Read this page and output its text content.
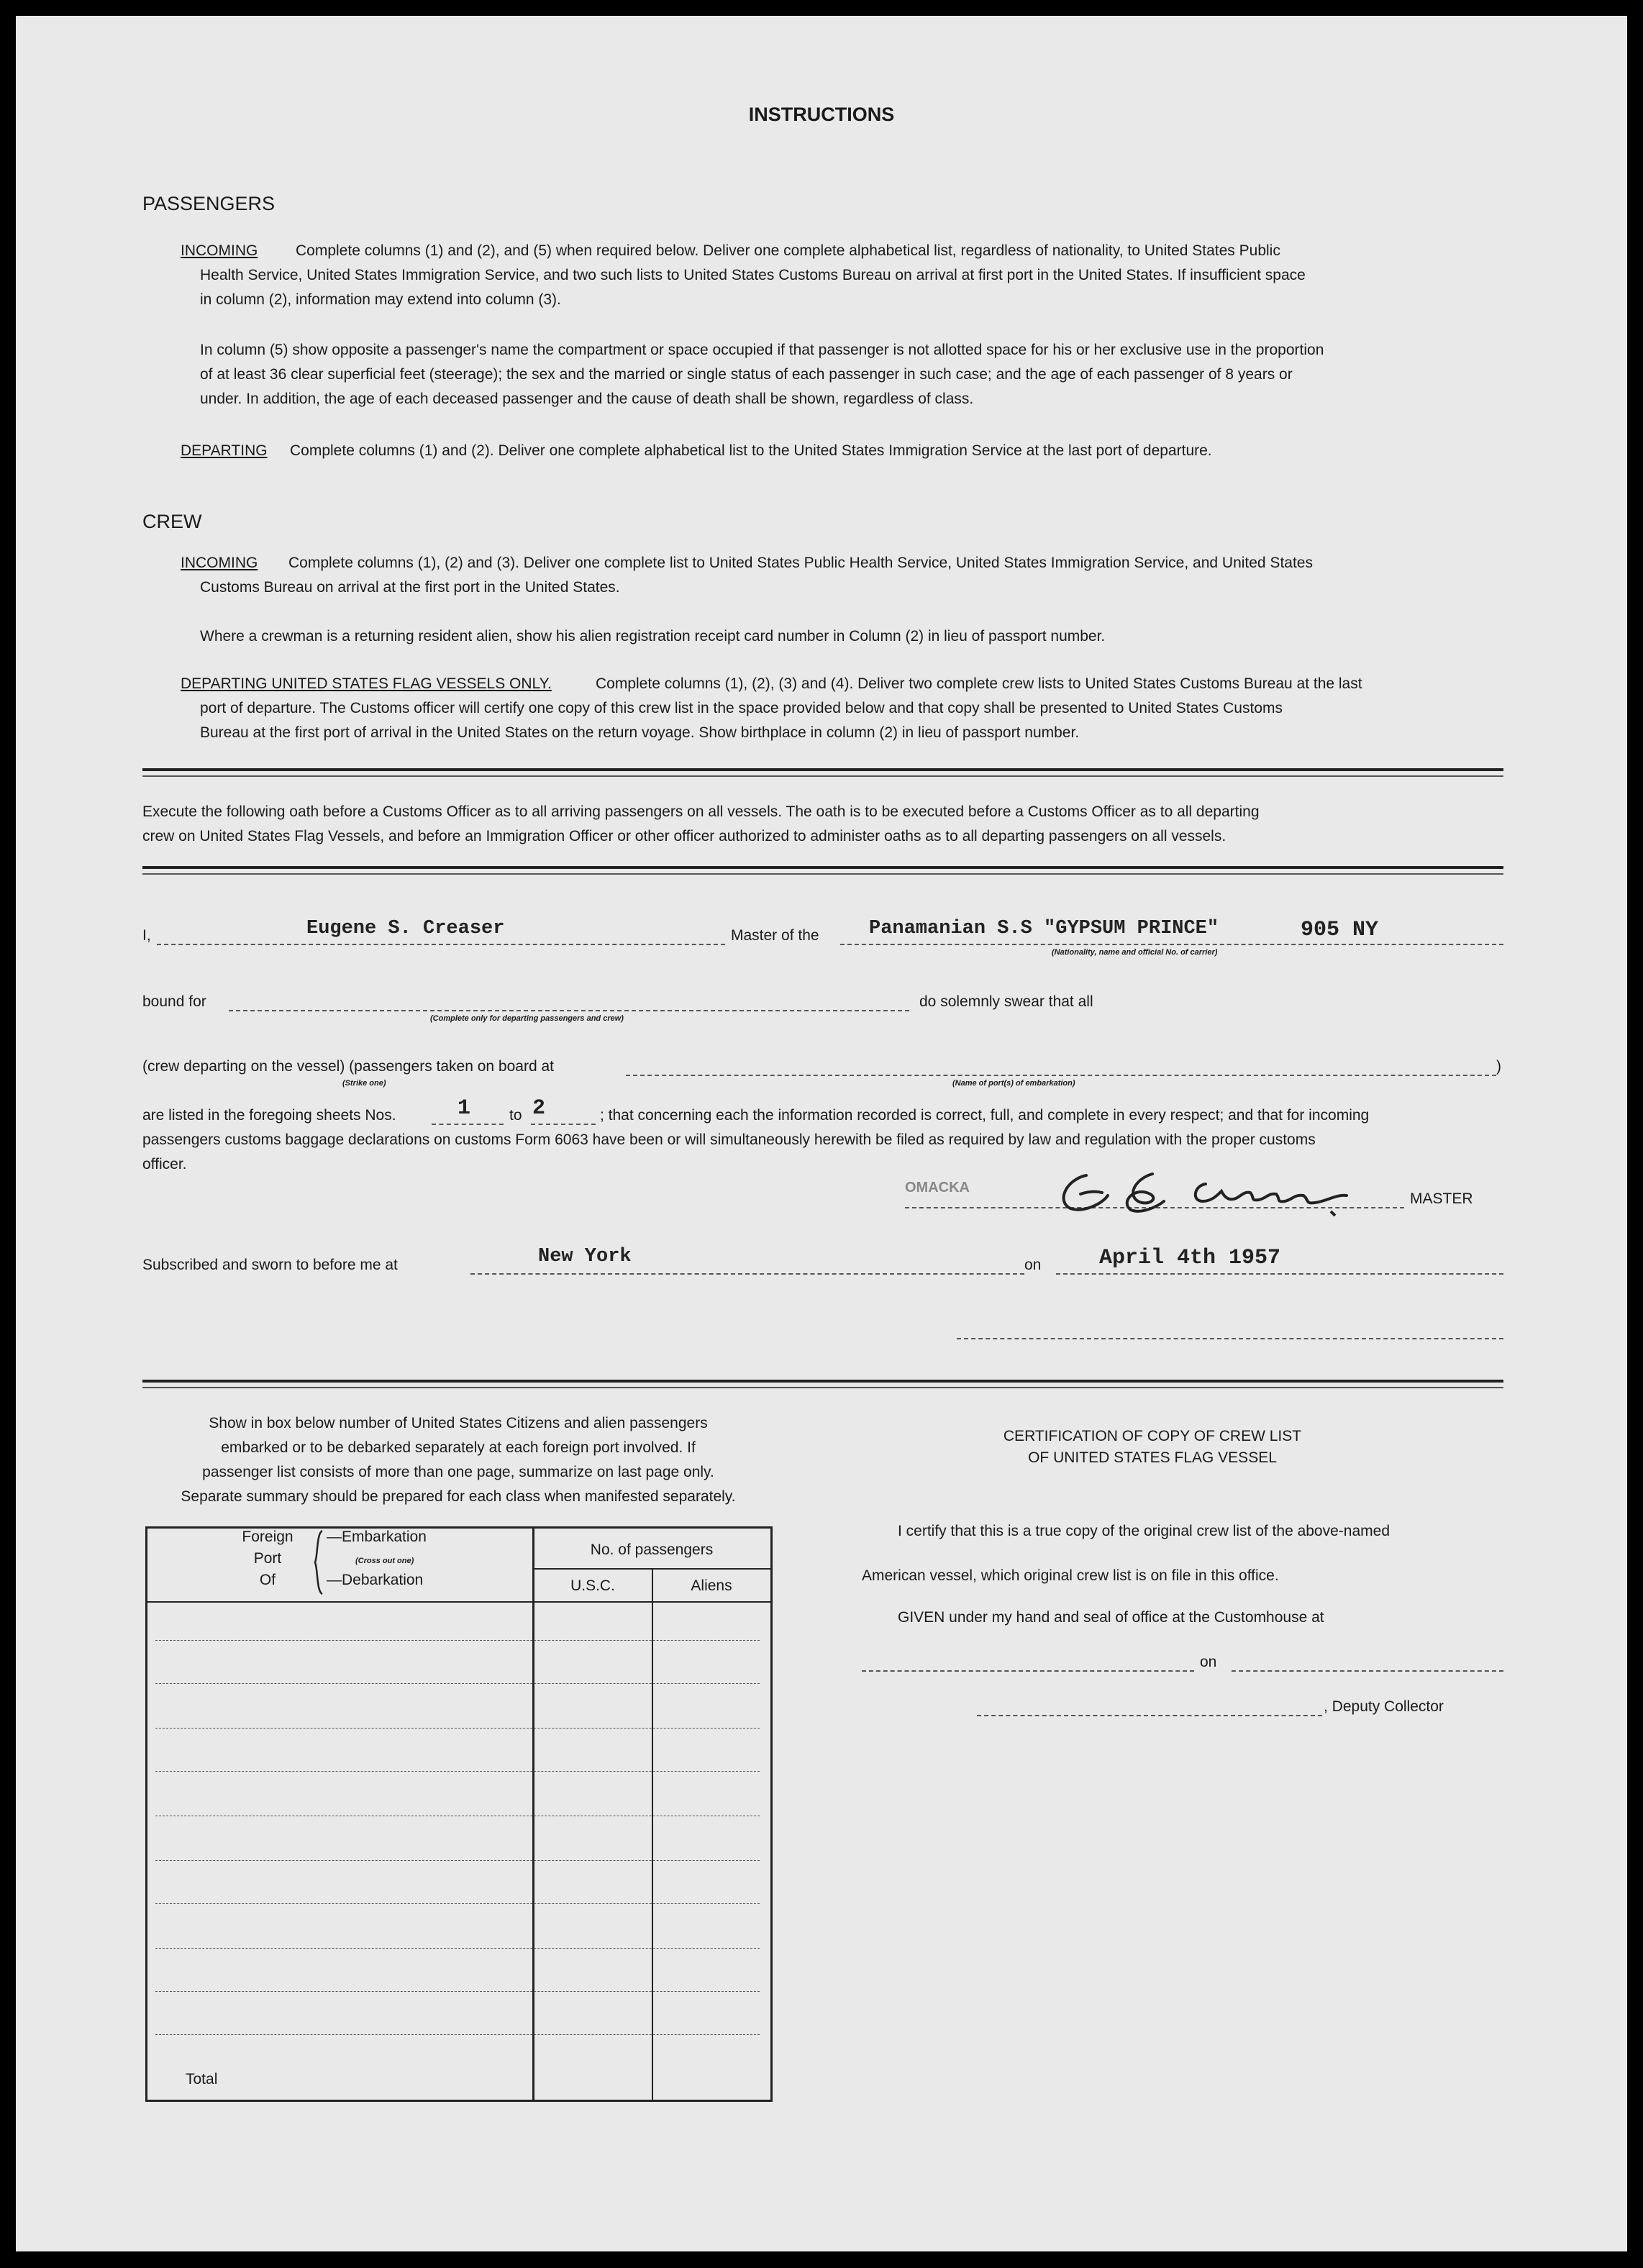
INSTRUCTIONS
PASSENGERS
INCOMING	Complete columns (1) and (2), and (5) when required below. Deliver one complete alphabetical list, regardless of nationality, to United States Public
Health Service, United States Immigration Service, and two such lists to United States Customs Bureau on arrival at first port in the United States. If insufficient space
in column (2), information may extend into column (3).
In column (5) show opposite a passenger's name the compartment or space occupied if that passenger is not allotted space for his or her exclusive use in the proportion
of at least 36 clear superficial feet (steerage); the sex and the married or single status of each passenger in such case; and the age of each passenger of 8 years or
under. In addition, the age of each deceased passenger and the cause of death shall be shown, regardless of class.
DEPARTING Complete columns (1) and (2). Deliver one complete alphabetical list to the United States Immigration Service at the last port of departure.
CREW
INCOMING Complete columns (1), (2) and (3). Deliver one complete list to United States Public Health Service, United States Immigration Service, and United States
Customs Bureau on arrival at the first port in the United States.
Where a crewman is a returning resident alien, show his alien registration receipt card number in Column (2) in lieu of passport number.
DEPARTING UNITED STATES FLAG VESSELS ONLY.	Complete columns (1), (2), (3) and (4). Deliver two complete crew lists to United States Customs Bureau at the last
port of departure. The Customs officer will certify one copy of this crew list in the space provided below and that copy shall be presented to United States Customs
Bureau at the first port of arrival in the United States on the return voyage. Show birthplace in column (2) in lieu of passport number.
Execute the following oath before a Customs Officer as to all arriving passengers on all vessels. The oath is to be executed before a Customs Officer as to all departing
crew on United States Flag Vessels, and before an Immigration Officer or other officer authorized to administer oaths as to all departing passengers on all vessels.
I,	Eugene S. Creaser	Master of the	Panamanian S.S "GYPSUM PRINCE"	905 NY
(Nationality, name and official No. of carrier)
bound for
(Complete only for departing passengers and crew)
do solemnly swear that all
(crew departing on the vessel) (passengers taken on board at
(Strike one)
)
(Name of port(s) of embarkation)
are listed in the foregoing sheets Nos.	1	to 2	; that concerning each the information recorded is correct, full, and complete in every respect; and that for incoming
passengers customs baggage declarations on customs Form 6063 have been or will simultaneously herewith be filed as required by law and regulation with the proper customs
officer.
OMACKA
MASTER
Subscribed and sworn to before me at	New York	on	April 4th 1957
Show in box below number of United States Citizens and alien passengers
embarked or to be debarked separately at each foreign port involved. If
passenger list consists of more than one page, summarize on last page only.
Separate summary should be prepared for each class when manifested separately.
Foreign
Port
Of
—Embarkation
(Cross out one)
—Debarkation
No. of passengers
U.S.C.	Aliens
Total
CERTIFICATION OF COPY OF CREW LIST
OF UNITED STATES FLAG VESSEL
I certify that this is a true copy of the original crew list of the above-named
American vessel, which original crew list is on file in this office.
GIVEN under my hand and seal of office at the Customhouse at
on
, Deputy Collector
